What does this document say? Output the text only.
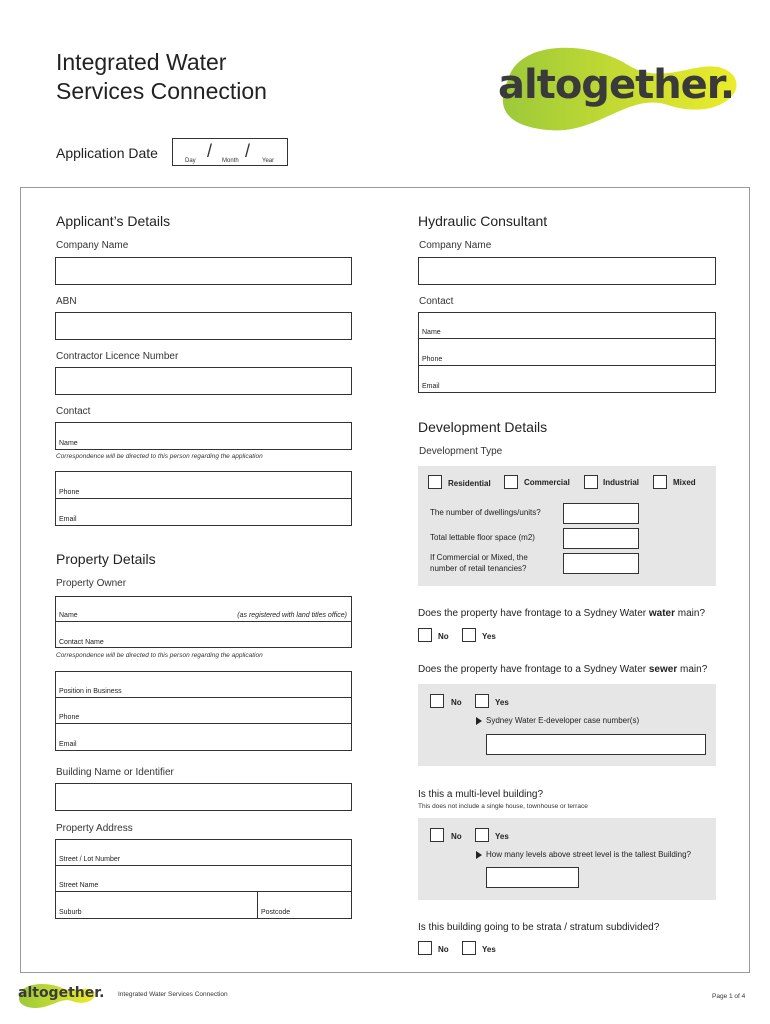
Integrated Water
Services Connection	altogether.
Application Date	/ /
Day	Month	Year
Applicant’s Details
Company Name
ABN
Contractor Licence Number
Contact
Name
Correspondence will be directed to this person regarding the application
Phone
Email
Property Details
Property Owner
Name	(as registered with land titles office)
Contact Name
Correspondence will be directed to this person regarding the application
Position in Business
Phone
Email
Building Name or Identifier
Property Address
Street / Lot Number
Street Name
Suburb	Postcode
Hydraulic Consultant
Company Name
Contact
Name
Phone
Email
Development Details
Development Type
Residential	Commercial	Industrial	Mixed
The number of dwellings/units?
Total lettable floor space (m2)
If Commercial or Mixed, the
number of retail tenancies?
Does the property have frontage to a Sydney Water water main?
No	Yes
Does the property have frontage to a Sydney Water sewer main?
No	Yes
Sydney Water E-developer case number(s)
Is this a multi-level building?
This does not include a single house, townhouse or terrace
No	Yes
How many levels above street level is the tallest Building?
Is this building going to be strata / stratum subdivided?
No	Yes
altogether. Integrated Water Services Connection	Page 1 of 4
